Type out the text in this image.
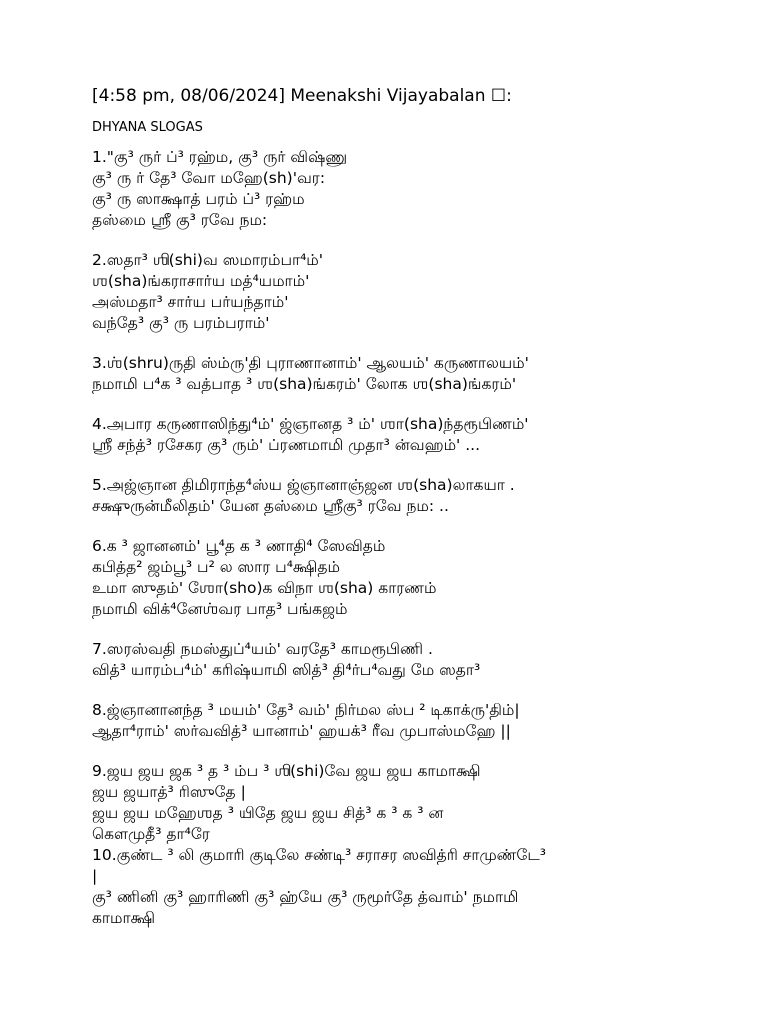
[4:58 pm, 08/06/2024] Meenakshi Vijayabalan ☐:
DHYANA SLOGAS
1."கு³ ருர் ப்³ ரஹ்ம, கு³ ருர் விஷ்ணு
கு³ ரு ர் தே³ வோ மஹே(sh)'வர:
கு³ ரு ஸாக்ஷாத் பரம் ப்³ ரஹ்ம
தஸ்மை ஶ்ரீ கு³ ரவே நம:
2.ஸதா³ ஶி(shi)வ ஸமாரம்பா⁴ம்'
ஶ(sha)ங்கராசார்ய மத்⁴யமாம்'
அஸ்மதா³ சார்ய பர்யந்தாம்'
வந்தே³ கு³ ரு பரம்பராம்'
3.ஶ்(shru)ருதி ஸ்ம்ரு'தி புராணானாம்' ஆலயம்' கருணாலயம்'
நமாமி ப⁴க ³ வத்பாத ³ ஶ(sha)ங்கரம்' லோக ஶ(sha)ங்கரம்'
4.அபார கருணாஸிந்து⁴ம்' ஜ்ஞானத ³ ம்' ஶா(sha)ந்தரூபிணம்'
ஶ்ரீ சந்த்³ ரசேகர கு³ ரும்' ப்ரணமாமி முதா³ ன்வஹம்' ...
5.அஜ்ஞான திமிராந்த⁴ஸ்ய ஜ்ஞானாஞ்ஜன ஶ(sha)லாகயா .
சக்ஷுருன்மீலிதம்' யேன தஸ்மை ஶ்ரீகு³ ரவே நம: ..
6.க ³ ஜானனம்' பூ⁴த க ³ ணாதி⁴ ஸேவிதம்
கபித்த² ஜம்பூ³ ப² ல ஸார ப⁴க்ஷிதம்
உமா ஸுதம்' ஶோ(sho)க விநா ஶ(sha) காரணம்
நமாமி விக்⁴னேஶ்வர பாத³ பங்கஜம்
7.ஸரஸ்வதி நமஸ்துப்⁴யம்' வரதே³ காமரூபிணி .
வித்³ யாரம்ப⁴ம்' கரிஷ்யாமி ஸித்³ தி⁴ர்ப⁴வது மே ஸதா³
8.ஜ்ஞானானந்த ³ மயம்' தே³ வம்' நிர்மல ஸ்ப ² டிகாக்ரு'திம்|
ஆதா⁴ராம்' ஸர்வவித்³ யானாம்' ஹயக்³ ரீவ முபாஸ்மஹே ||
9.ஜய ஜய ஜக ³ த ³ ம்ப ³ ஶி(shi)வே ஜய ஜய காமாக்ஷி
ஜய ஜயாத்³ ரிஸுதே |
ஜய ஜய மஹேஶத ³ யிதே ஜய ஜய சித்³ க ³ க ³ ன
கௌமுதீ³ தா⁴ரே
10.குண்ட ³ லி குமாரி குடிலே சண்டி³ சராசர ஸவித்ரி சாமுண்டே³
|
கு³ ணினி கு³ ஹாரிணி கு³ ஹ்யே கு³ ருமூர்தே த்வாம்' நமாமி
காமாக்ஷி
